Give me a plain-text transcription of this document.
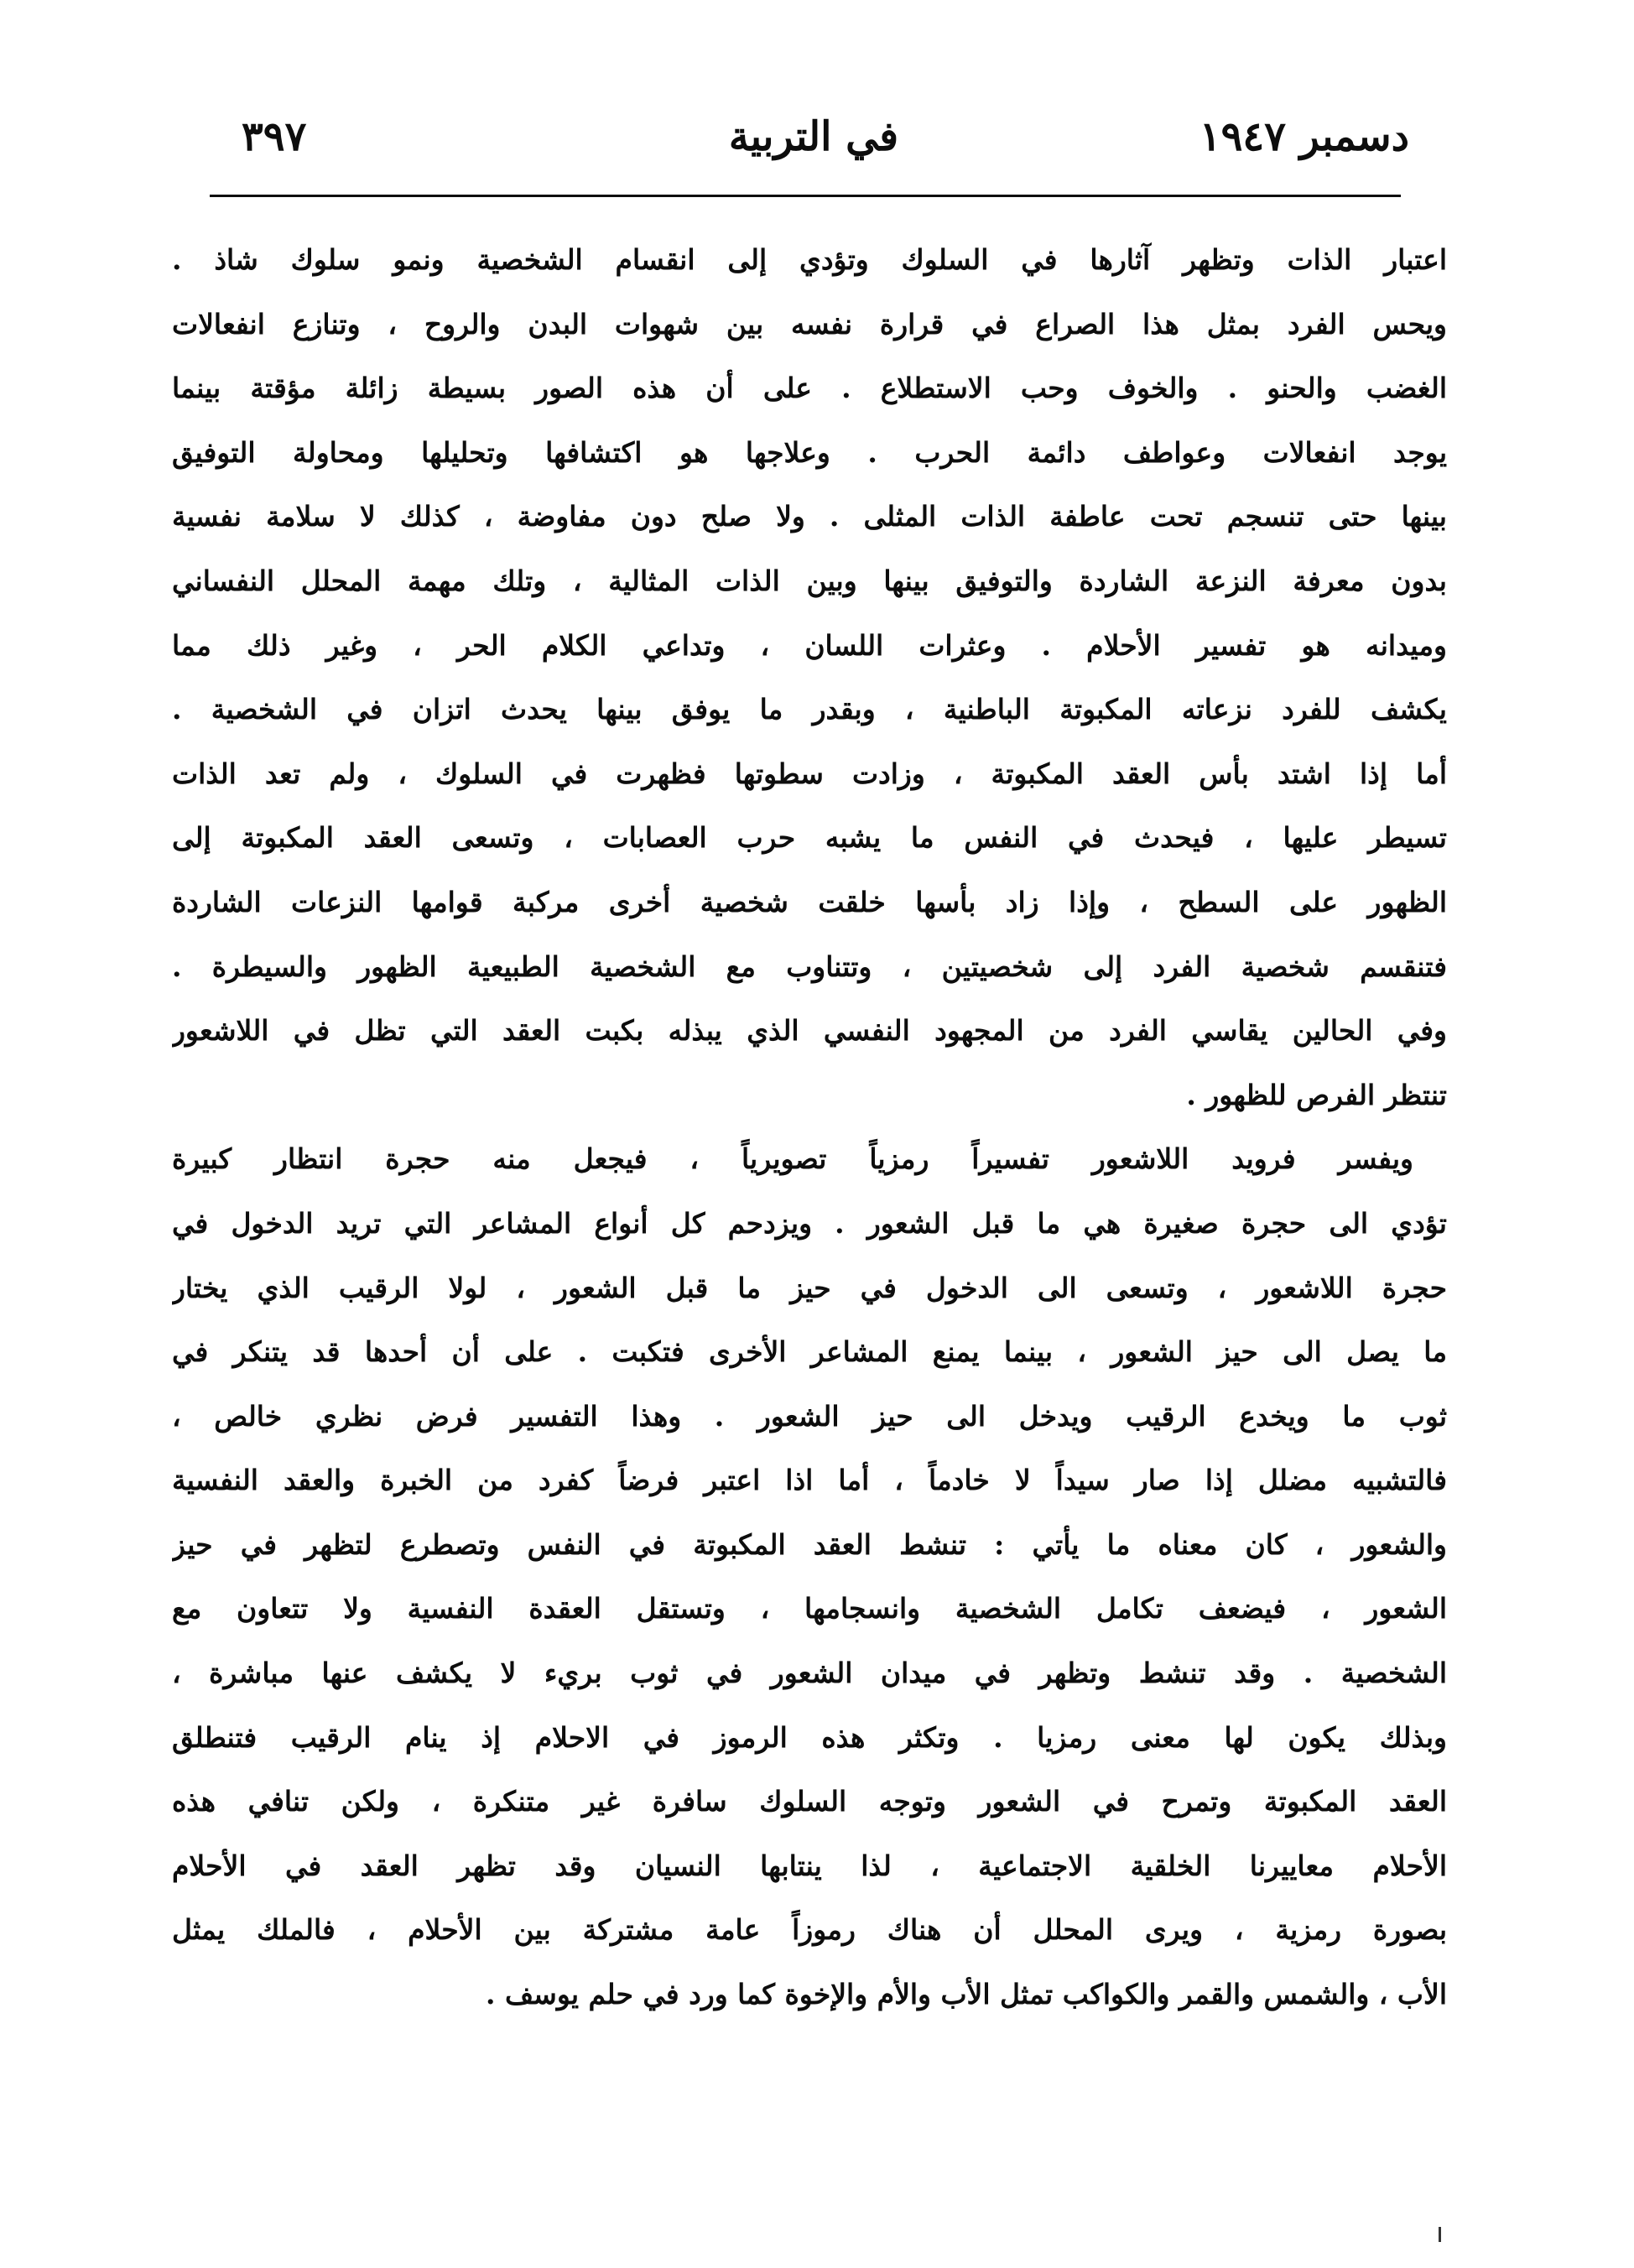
٣٩٧	في التربية	دسمبر ١٩٤٧
اعتبار الذات وتظهر آثارها في السلوك وتؤدي إلى انقسام الشخصية ونمو سلوك شاذ .
ويحس الفرد بمثل هذا الصراع في قرارة نفسه بين شهوات البدن والروح ، وتنازع انفعالات
الغضب والحنو . والخوف وحب الاستطلاع . على أن هذه الصور بسيطة زائلة مؤقتة بينما
يوجد انفعالات وعواطف دائمة الحرب . وعلاجها هو اكتشافها وتحليلها ومحاولة التوفيق
بينها حتى تنسجم تحت عاطفة الذات المثلى . ولا صلح دون مفاوضة ، كذلك لا سلامة نفسية
بدون معرفة النزعة الشاردة والتوفيق بينها وبين الذات المثالية ، وتلك مهمة المحلل النفساني
وميدانه هو تفسير الأحلام . وعثرات اللسان ، وتداعي الكلام الحر ، وغير ذلك مما
يكشف للفرد نزعاته المكبوتة الباطنية ، وبقدر ما يوفق بينها يحدث اتزان في الشخصية .
أما إذا اشتد بأس العقد المكبوتة ، وزادت سطوتها فظهرت في السلوك ، ولم تعد الذات
تسيطر عليها ، فيحدث في النفس ما يشبه حرب العصابات ، وتسعى العقد المكبوتة إلى
الظهور على السطح ، وإذا زاد بأسها خلقت شخصية أخرى مركبة قوامها النزعات الشاردة
فتنقسم شخصية الفرد إلى شخصيتين ، وتتناوب مع الشخصية الطبيعية الظهور والسيطرة .
وفي الحالين يقاسي الفرد من المجهود النفسي الذي يبذله بكبت العقد التي تظل في اللاشعور
تنتظر الفرص للظهور .
ويفسر فرويد اللاشعور تفسيراً رمزياً تصويرياً ، فيجعل منه حجرة انتظار كبيرة
تؤدي الى حجرة صغيرة هي ما قبل الشعور . ويزدحم كل أنواع المشاعر التي تريد الدخول في
حجرة اللاشعور ، وتسعى الى الدخول في حيز ما قبل الشعور ، لولا الرقيب الذي يختار
ما يصل الى حيز الشعور ، بينما يمنع المشاعر الأخرى فتكبت . على أن أحدها قد يتنكر في
ثوب ما ويخدع الرقيب ويدخل الى حيز الشعور . وهذا التفسير فرض نظري خالص ،
فالتشبيه مضلل إذا صار سيداً لا خادماً ، أما اذا اعتبر فرضاً كفرد من الخبرة والعقد النفسية
والشعور ، كان معناه ما يأتي : تنشط العقد المكبوتة في النفس وتصطرع لتظهر في حيز
الشعور ، فيضعف تكامل الشخصية وانسجامها ، وتستقل العقدة النفسية ولا تتعاون مع
الشخصية . وقد تنشط وتظهر في ميدان الشعور في ثوب بريء لا يكشف عنها مباشرة ،
وبذلك يكون لها معنى رمزيا . وتكثر هذه الرموز في الاحلام إذ ينام الرقيب فتنطلق
العقد المكبوتة وتمرح في الشعور وتوجه السلوك سافرة غير متنكرة ، ولكن تنافي هذه
الأحلام معاييرنا الخلقية الاجتماعية ، لذا ينتابها النسيان وقد تظهر العقد في الأحلام
بصورة رمزية ، ويرى المحلل أن هناك رموزاً عامة مشتركة بين الأحلام ، فالملك يمثل
الأب ، والشمس والقمر والكواكب تمثل الأب والأم والإخوة كما ورد في حلم يوسف .
